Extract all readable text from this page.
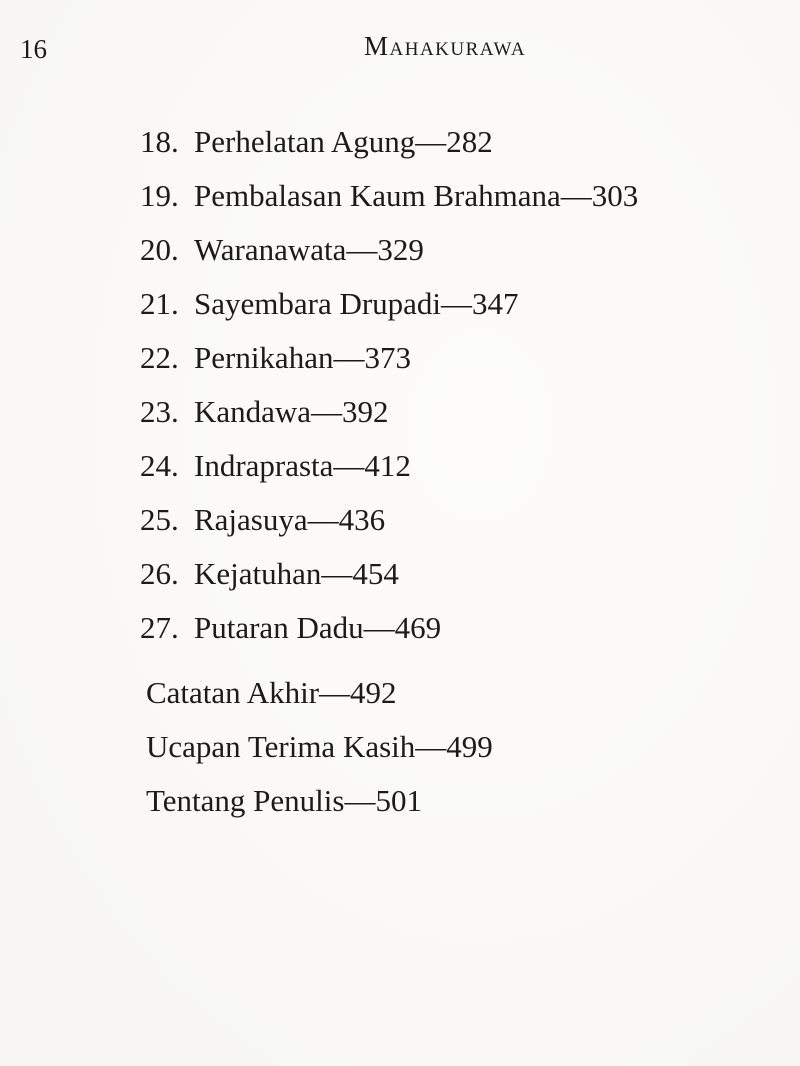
16	Mahakurawa
18. Perhelatan Agung—282
19. Pembalasan Kaum Brahmana—303
20. Waranawata—329
21. Sayembara Drupadi—347
22. Pernikahan—373
23. Kandawa—392
24. Indraprasta—412
25. Rajasuya—436
26. Kejatuhan—454
27. Putaran Dadu—469
Catatan Akhir—492
Ucapan Terima Kasih—499
Tentang Penulis—501
